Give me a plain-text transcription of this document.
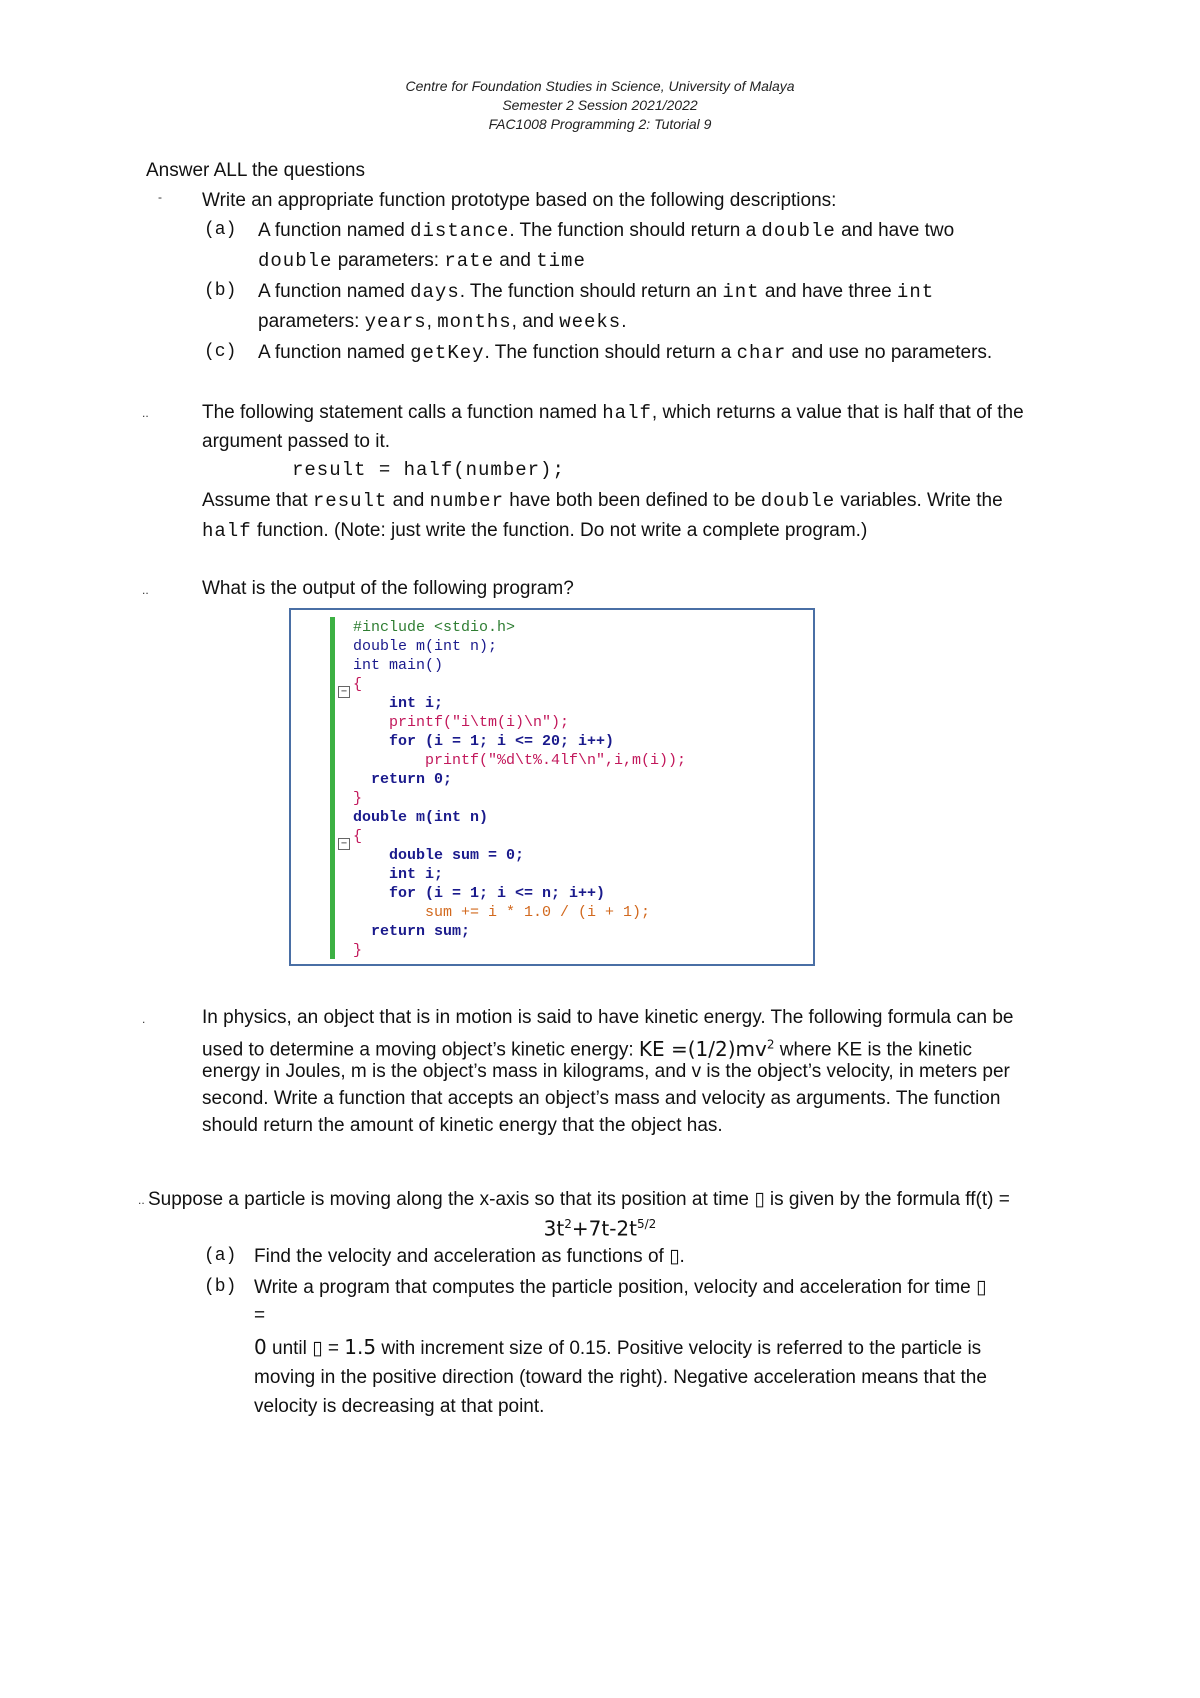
Centre for Foundation Studies in Science, University of Malaya
Semester 2 Session 2021/2022
FAC1008 Programming 2: Tutorial 9
Answer ALL the questions
- Write an appropriate function prototype based on the following descriptions:
(a) A function named distance. The function should return a double and have two
double parameters: rate and time
(b) A function named days. The function should return an int and have three int
parameters: years, months, and weeks.
(c) A function named getKey. The function should return a char and use no parameters.
..	The following statement calls a function named half, which returns a value that is half that of the
argument passed to it.
result = half(number);
Assume that result and number have both been defined to be double variables. Write the
half function. (Note: just write the function. Do not write a complete program.)
..	What is the output of the following program?
−
−
#include <stdio.h>
double m(int n);
int main()
{
int i;
printf("i\tm(i)\n");
for (i = 1; i <= 20; i++)
printf("%d\t%.4lf\n",i,m(i));
return 0;
}
double m(int n)
{
double sum = 0;
int i;
for (i = 1; i <= n; i++)
sum += i * 1.0 / (i + 1);
return sum;
}
.	In physics, an object that is in motion is said to have kinetic energy. The following formula can be
used to determine a moving object’s kinetic energy: KE $=(1/2)mv^2$ where KE is the kinetic
energy in Joules, m is the object’s mass in kilograms, and v is the object’s velocity, in meters per
second. Write a function that accepts an object’s mass and velocity as arguments. The function
should return the amount of kinetic energy that the object has.
.. Suppose a particle is moving along the x-axis so that its position at time ▯ is given by the formula ff(t) =
$3t^2+7t-2t^{5/2}$
(a) Find the velocity and acceleration as functions of ▯.
(b) Write a program that computes the particle position, velocity and acceleration for time ▯
=
0 until ▯ = 1.5 with increment size of 0.15. Positive velocity is referred to the particle is
moving in the positive direction (toward the right). Negative acceleration means that the
velocity is decreasing at that point.
